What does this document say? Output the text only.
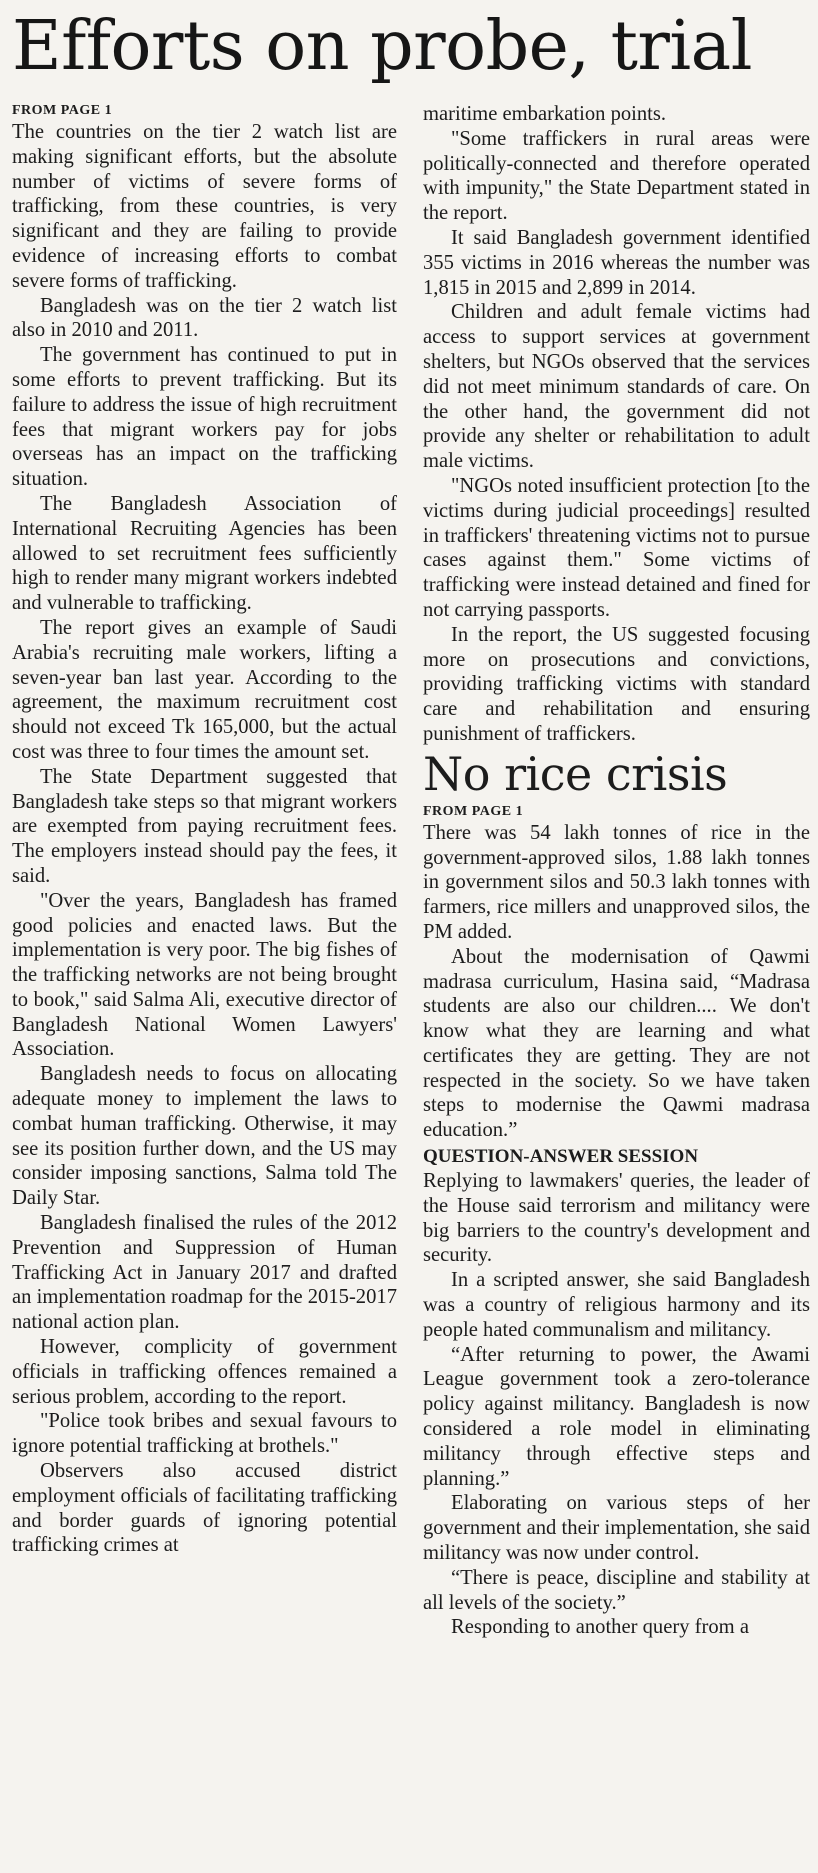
Efforts on probe, trial
FROM PAGE 1

The countries on the tier 2 watch list are making significant efforts, but the absolute number of victims of severe forms of trafficking, from these countries, is very significant and they are failing to provide evidence of increasing efforts to combat severe forms of trafficking.

Bangladesh was on the tier 2 watch list also in 2010 and 2011.

The government has continued to put in some efforts to prevent trafficking. But its failure to address the issue of high recruitment fees that migrant workers pay for jobs overseas has an impact on the trafficking situation.

The Bangladesh Association of International Recruiting Agencies has been allowed to set recruitment fees sufficiently high to render many migrant workers indebted and vulnerable to trafficking.

The report gives an example of Saudi Arabia's recruiting male workers, lifting a seven-year ban last year. According to the agreement, the maximum recruitment cost should not exceed Tk 165,000, but the actual cost was three to four times the amount set.

The State Department suggested that Bangladesh take steps so that migrant workers are exempted from paying recruitment fees. The employers instead should pay the fees, it said.

"Over the years, Bangladesh has framed good policies and enacted laws. But the implementation is very poor. The big fishes of the trafficking networks are not being brought to book," said Salma Ali, executive director of Bangladesh National Women Lawyers' Association.

Bangladesh needs to focus on allocating adequate money to implement the laws to combat human trafficking. Otherwise, it may see its position further down, and the US may consider imposing sanctions, Salma told The Daily Star.

Bangladesh finalised the rules of the 2012 Prevention and Suppression of Human Trafficking Act in January 2017 and drafted an implementation roadmap for the 2015-2017 national action plan.

However, complicity of government officials in trafficking offences remained a serious problem, according to the report.

"Police took bribes and sexual favours to ignore potential trafficking at brothels."

Observers also accused district employment officials of facilitating trafficking and border guards of ignoring potential trafficking crimes at

maritime embarkation points.

"Some traffickers in rural areas were politically-connected and therefore operated with impunity," the State Department stated in the report.

It said Bangladesh government identified 355 victims in 2016 whereas the number was 1,815 in 2015 and 2,899 in 2014.

Children and adult female victims had access to support services at government shelters, but NGOs observed that the services did not meet minimum standards of care. On the other hand, the government did not provide any shelter or rehabilitation to adult male victims.

"NGOs noted insufficient protection [to the victims during judicial proceedings] resulted in traffickers' threatening victims not to pursue cases against them." Some victims of trafficking were instead detained and fined for not carrying passports.

In the report, the US suggested focusing more on prosecutions and convictions, providing trafficking victims with standard care and rehabilitation and ensuring punishment of traffickers.

No rice crisis
FROM PAGE 1

There was 54 lakh tonnes of rice in the government-approved silos, 1.88 lakh tonnes in government silos and 50.3 lakh tonnes with farmers, rice millers and unapproved silos, the PM added.

About the modernisation of Qawmi madrasa curriculum, Hasina said, “Madrasa students are also our children.... We don't know what they are learning and what certificates they are getting. They are not respected in the society. So we have taken steps to modernise the Qawmi madrasa education.”

QUESTION-ANSWER SESSION

Replying to lawmakers' queries, the leader of the House said terrorism and militancy were big barriers to the country's development and security.

In a scripted answer, she said Bangladesh was a country of religious harmony and its people hated communalism and militancy.

“After returning to power, the Awami League government took a zero-tolerance policy against militancy. Bangladesh is now considered a role model in eliminating militancy through effective steps and planning.”

Elaborating on various steps of her government and their implementation, she said militancy was now under control.

“There is peace, discipline and stability at all levels of the society.”

Responding to another query from a
